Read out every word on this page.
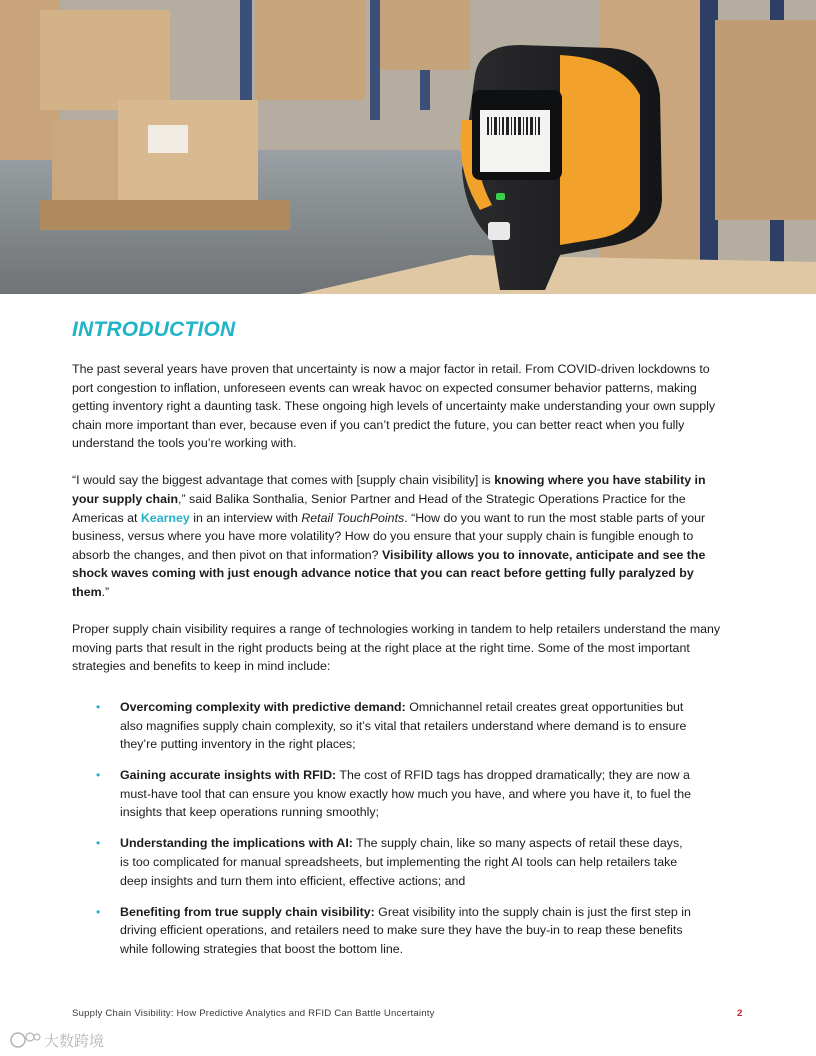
INTRODUCTION

The past several years have proven that uncertainty is now a major factor in retail. From COVID-driven lockdowns to port congestion to inflation, unforeseen events can wreak havoc on expected consumer behavior patterns, making getting inventory right a daunting task. These ongoing high levels of uncertainty make understanding your own supply chain more important than ever, because even if you can’t predict the future, you can better react when you fully understand the tools you’re working with.

“I would say the biggest advantage that comes with [supply chain visibility] is knowing where you have stability in your supply chain,” said Balika Sonthalia, Senior Partner and Head of the Strategic Operations Practice for the Americas at Kearney in an interview with Retail TouchPoints. “How do you want to run the most stable parts of your business, versus where you have more volatility? How do you ensure that your supply chain is fungible enough to absorb the changes, and then pivot on that information? Visibility allows you to innovate, anticipate and see the shock waves coming with just enough advance notice that you can react before getting fully paralyzed by them.”

Proper supply chain visibility requires a range of technologies working in tandem to help retailers understand the many moving parts that result in the right products being at the right place at the right time. Some of the most important strategies and benefits to keep in mind include:

• Overcoming complexity with predictive demand: Omnichannel retail creates great opportunities but also magnifies supply chain complexity, so it’s vital that retailers understand where demand is to ensure they’re putting inventory in the right places;
• Gaining accurate insights with RFID: The cost of RFID tags has dropped dramatically; they are now a must-have tool that can ensure you know exactly how much you have, and where you have it, to fuel the insights that keep operations running smoothly;
• Understanding the implications with AI: The supply chain, like so many aspects of retail these days, is too complicated for manual spreadsheets, but implementing the right AI tools can help retailers take deep insights and turn them into efficient, effective actions; and
• Benefiting from true supply chain visibility: Great visibility into the supply chain is just the first step in driving efficient operations, and retailers need to make sure they have the buy-in to reap these benefits while following strategies that boost the bottom line.
Supply Chain Visibility: How Predictive Analytics and RFID Can Battle Uncertainty	2
大数跨境
